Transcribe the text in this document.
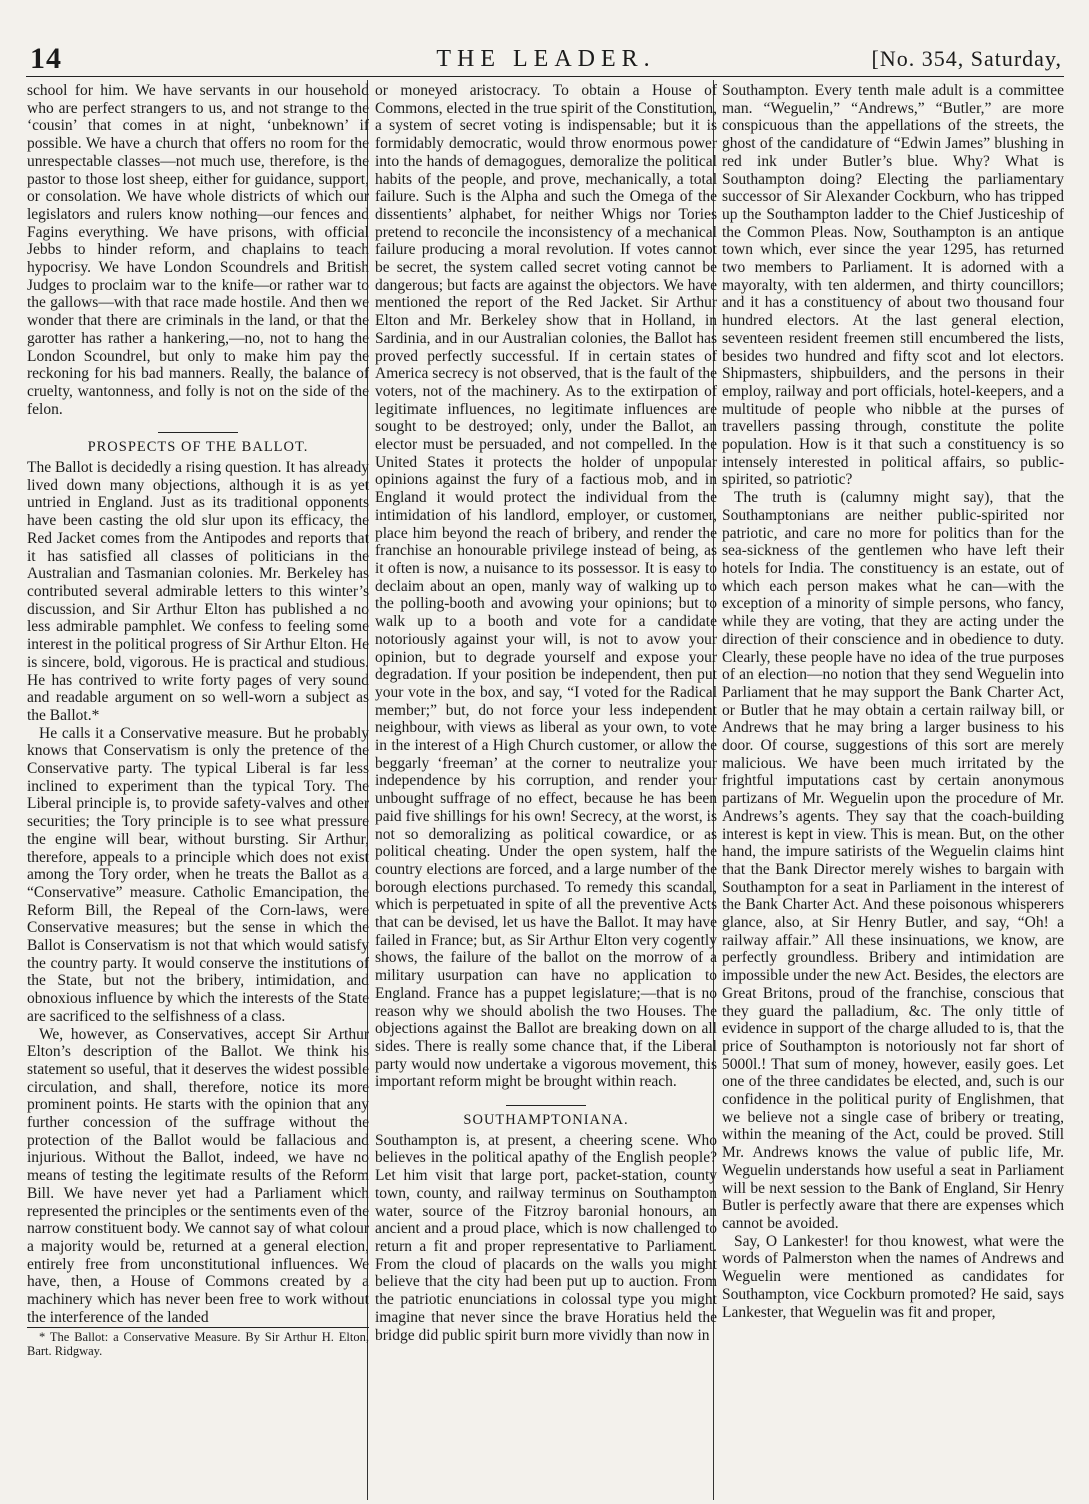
14	THE LEADER.	[No. 354, Saturday,

school for him. We have servants in our household who are perfect strangers to us, and not strange to the ‘cousin’ that comes in at night, ‘unbeknown’ if possible. We have a church that offers no room for the unrespectable classes—not much use, therefore, is the pastor to those lost sheep, either for guidance, support, or consolation. We have whole districts of which our legislators and rulers know nothing—our fences and Fagins everything. We have prisons, with official Jebbs to hinder reform, and chaplains to teach hypocrisy. We have London Scoundrels and British Judges to proclaim war to the knife—or rather war to the gallows—with that race made hostile. And then we wonder that there are criminals in the land, or that the garotter has rather a hankering,—no, not to hang the London Scoundrel, but only to make him pay the reckoning for his bad manners. Really, the balance of cruelty, wantonness, and folly is not on the side of the felon.

PROSPECTS OF THE BALLOT.

The Ballot is decidedly a rising question. It has already lived down many objections, although it is as yet untried in England. Just as its traditional opponents have been casting the old slur upon its efficacy, the Red Jacket comes from the Antipodes and reports that it has satisfied all classes of politicians in the Australian and Tasmanian colonies. Mr. Berkeley has contributed several admirable letters to this winter’s discussion, and Sir Arthur Elton has published a no less admirable pamphlet. We confess to feeling some interest in the political progress of Sir Arthur Elton. He is sincere, bold, vigorous. He is practical and studious. He has contrived to write forty pages of very sound and readable argument on so well-worn a subject as the Ballot.*

He calls it a Conservative measure. But he probably knows that Conservatism is only the pretence of the Conservative party. The typical Liberal is far less inclined to experiment than the typical Tory. The Liberal principle is, to provide safety-valves and other securities; the Tory principle is to see what pressure the engine will bear, without bursting. Sir Arthur, therefore, appeals to a principle which does not exist among the Tory order, when he treats the Ballot as a “Conservative” measure. Catholic Emancipation, the Reform Bill, the Repeal of the Corn-laws, were Conservative measures; but the sense in which the Ballot is Conservatism is not that which would satisfy the country party. It would conserve the institutions of the State, but not the bribery, intimidation, and obnoxious influence by which the interests of the State are sacrificed to the selfishness of a class.

We, however, as Conservatives, accept Sir Arthur Elton’s description of the Ballot. We think his statement so useful, that it deserves the widest possible circulation, and shall, therefore, notice its more prominent points. He starts with the opinion that any further concession of the suffrage without the protection of the Ballot would be fallacious and injurious. Without the Ballot, indeed, we have no means of testing the legitimate results of the Reform Bill. We have never yet had a Parliament which represented the principles or the sentiments even of the narrow constituent body. We cannot say of what colour a majority would be, returned at a general election, entirely free from unconstitutional influences. We have, then, a House of Commons created by a machinery which has never been free to work without the interference of the landed

* The Ballot: a Conservative Measure. By Sir Arthur H. Elton, Bart. Ridgway.

or moneyed aristocracy. To obtain a House of Commons, elected in the true spirit of the Constitution, a system of secret voting is indispensable; but it is formidably democratic, would throw enormous power into the hands of demagogues, demoralize the political habits of the people, and prove, mechanically, a total failure. Such is the Alpha and such the Omega of the dissentients’ alphabet, for neither Whigs nor Tories pretend to reconcile the inconsistency of a mechanical failure producing a moral revolution. If votes cannot be secret, the system called secret voting cannot be dangerous; but facts are against the objectors. We have mentioned the report of the Red Jacket. Sir Arthur Elton and Mr. Berkeley show that in Holland, in Sardinia, and in our Australian colonies, the Ballot has proved perfectly successful. If in certain states of America secrecy is not observed, that is the fault of the voters, not of the machinery. As to the extirpation of legitimate influences, no legitimate influences are sought to be destroyed; only, under the Ballot, an elector must be persuaded, and not compelled. In the United States it protects the holder of unpopular opinions against the fury of a factious mob, and in England it would protect the individual from the intimidation of his landlord, employer, or customer, place him beyond the reach of bribery, and render the franchise an honourable privilege instead of being, as it often is now, a nuisance to its possessor. It is easy to declaim about an open, manly way of walking up to the polling-booth and avowing your opinions; but to walk up to a booth and vote for a candidate notoriously against your will, is not to avow your opinion, but to degrade yourself and expose your degradation. If your position be independent, then put your vote in the box, and say, “I voted for the Radical member;” but, do not force your less independent neighbour, with views as liberal as your own, to vote in the interest of a High Church customer, or allow the beggarly ‘freeman’ at the corner to neutralize your independence by his corruption, and render your unbought suffrage of no effect, because he has been paid five shillings for his own! Secrecy, at the worst, is not so demoralizing as political cowardice, or as political cheating. Under the open system, half the country elections are forced, and a large number of the borough elections purchased. To remedy this scandal, which is perpetuated in spite of all the preventive Acts that can be devised, let us have the Ballot. It may have failed in France; but, as Sir Arthur Elton very cogently shows, the failure of the ballot on the morrow of a military usurpation can have no application to England. France has a puppet legislature;—that is no reason why we should abolish the two Houses. The objections against the Ballot are breaking down on all sides. There is really some chance that, if the Liberal party would now undertake a vigorous movement, this important reform might be brought within reach.

SOUTHAMPTONIANA.

Southampton is, at present, a cheering scene. Who believes in the political apathy of the English people? Let him visit that large port, packet-station, county town, county, and railway terminus on Southampton water, source of the Fitzroy baronial honours, an ancient and a proud place, which is now challenged to return a fit and proper representative to Parliament. From the cloud of placards on the walls you might believe that the city had been put up to auction. From the patriotic enunciations in colossal type you might imagine that never since the brave Horatius held the bridge did public spirit burn more vividly than now in

Southampton. Every tenth male adult is a committee man. “Weguelin,” “Andrews,” “Butler,” are more conspicuous than the appellations of the streets, the ghost of the candidature of “Edwin James” blushing in red ink under Butler’s blue. Why? What is Southampton doing? Electing the parliamentary successor of Sir Alexander Cockburn, who has tripped up the Southampton ladder to the Chief Justiceship of the Common Pleas. Now, Southampton is an antique town which, ever since the year 1295, has returned two members to Parliament. It is adorned with a mayoralty, with ten aldermen, and thirty councillors; and it has a constituency of about two thousand four hundred electors. At the last general election, seventeen resident freemen still encumbered the lists, besides two hundred and fifty scot and lot electors. Shipmasters, shipbuilders, and the persons in their employ, railway and port officials, hotel-keepers, and a multitude of people who nibble at the purses of travellers passing through, constitute the polite population. How is it that such a constituency is so intensely interested in political affairs, so public-spirited, so patriotic?

The truth is (calumny might say), that the Southamptonians are neither public-spirited nor patriotic, and care no more for politics than for the sea-sickness of the gentlemen who have left their hotels for India. The constituency is an estate, out of which each person makes what he can—with the exception of a minority of simple persons, who fancy, while they are voting, that they are acting under the direction of their conscience and in obedience to duty. Clearly, these people have no idea of the true purposes of an election—no notion that they send Weguelin into Parliament that he may support the Bank Charter Act, or Butler that he may obtain a certain railway bill, or Andrews that he may bring a larger business to his door. Of course, suggestions of this sort are merely malicious. We have been much irritated by the frightful imputations cast by certain anonymous partizans of Mr. Weguelin upon the procedure of Mr. Andrews’s agents. They say that the coach-building interest is kept in view. This is mean. But, on the other hand, the impure satirists of the Weguelin claims hint that the Bank Director merely wishes to bargain with Southampton for a seat in Parliament in the interest of the Bank Charter Act. And these poisonous whisperers glance, also, at Sir Henry Butler, and say, “Oh! a railway affair.” All these insinuations, we know, are perfectly groundless. Bribery and intimidation are impossible under the new Act. Besides, the electors are Great Britons, proud of the franchise, conscious that they guard the palladium, &c. The only tittle of evidence in support of the charge alluded to is, that the price of Southampton is notoriously not far short of 5000l.! That sum of money, however, easily goes. Let one of the three candidates be elected, and, such is our confidence in the political purity of Englishmen, that we believe not a single case of bribery or treating, within the meaning of the Act, could be proved. Still Mr. Andrews knows the value of public life, Mr. Weguelin understands how useful a seat in Parliament will be next session to the Bank of England, Sir Henry Butler is perfectly aware that there are expenses which cannot be avoided.

Say, O Lankester! for thou knowest, what were the words of Palmerston when the names of Andrews and Weguelin were mentioned as candidates for Southampton, vice Cockburn promoted? He said, says Lankester, that Weguelin was fit and proper,
